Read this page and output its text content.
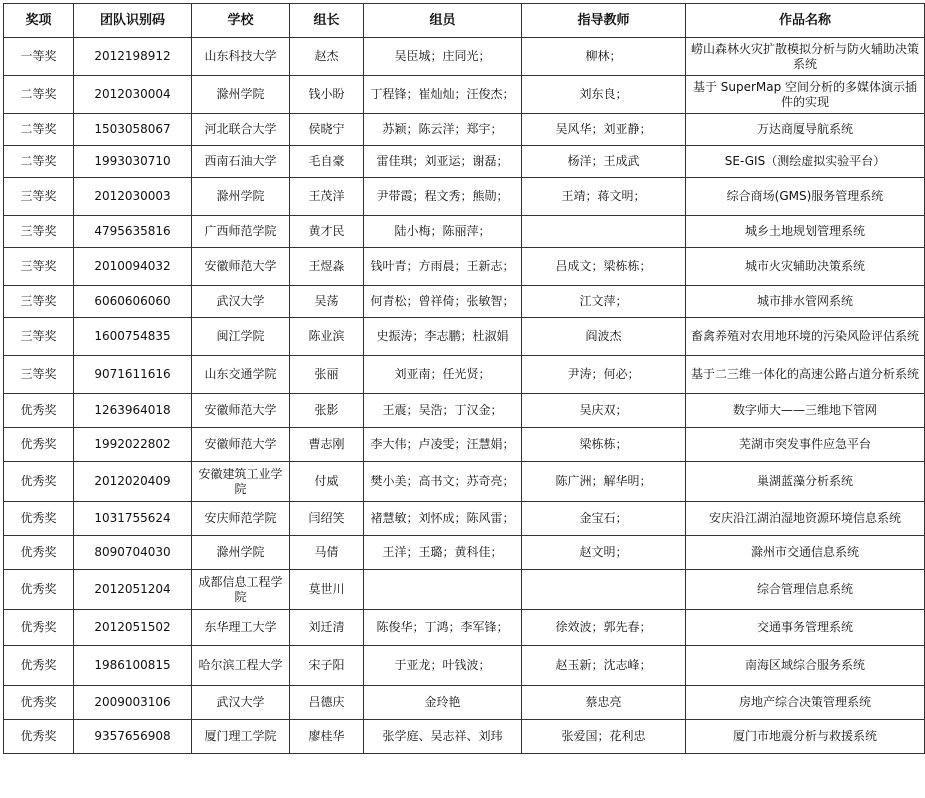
奖项	团队识别码	学校	组长	组员	指导教师	作品名称
一等奖	2012198912	山东科技大学	赵杰	吴臣城；庄同光；	柳林；	崂山森林火灾扩散模拟分析与防火辅助决策系统
二等奖	2012030004	滁州学院	钱小盼	丁程锋；崔灿灿；汪俊杰；	刘东良；	基于 SuperMap 空间分析的多媒体演示插件的实现
二等奖	1503058067	河北联合大学	侯晓宁	苏颖；陈云洋；郑宇；	吴风华；刘亚静；	万达商厦导航系统
二等奖	1993030710	西南石油大学	毛自豪	雷佳琪；刘亚运；谢磊；	杨洋；王成武	SE-GIS（测绘虚拟实验平台）
三等奖	2012030003	滁州学院	王茂洋	尹带霞；程文秀；熊勋；	王靖；蒋文明；	综合商场(GMS)服务管理系统
三等奖	4795635816	广西师范学院	黄才民	陆小梅；陈丽萍；		城乡土地规划管理系统
三等奖	2010094032	安徽师范大学	王煜淼	钱叶青；方雨晨；王新志；	吕成文；梁栋栋；	城市火灾辅助决策系统
三等奖	6060606060	武汉大学	吴荡	何青松；曾祥倚；张敏智；	江文萍；	城市排水管网系统
三等奖	1600754835	闽江学院	陈业滨	史振涛；李志鹏；杜淑娟	阎波杰	畜禽养殖对农用地环境的污染风险评估系统
三等奖	9071611616	山东交通学院	张丽	刘亚南；任光贤；	尹涛；何必；	基于二三维一体化的高速公路占道分析系统
优秀奖	1263964018	安徽师范大学	张影	王震；吴浩；丁汉金；	吴庆双；	数字师大——三维地下管网
优秀奖	1992022802	安徽师范大学	曹志刚	李大伟；卢凌雯；汪慧娟；	梁栋栋；	芜湖市突发事件应急平台
优秀奖	2012020409	安徽建筑工业学院	付威	樊小美；高书文；苏奇亮；	陈广洲；解华明；	巢湖蓝藻分析系统
优秀奖	1031755624	安庆师范学院	闫绍笑	褚慧敏；刘怀成；陈风雷；	金宝石；	安庆沿江湖泊湿地资源环境信息系统
优秀奖	8090704030	滁州学院	马倩	王洋；王璐；黄科佳；	赵文明；	滁州市交通信息系统
优秀奖	2012051204	成都信息工程学院	莫世川			综合管理信息系统
优秀奖	2012051502	东华理工大学	刘迁清	陈俊华；丁鸿；李军锋；	徐效波；郭先春；	交通事务管理系统
优秀奖	1986100815	哈尔滨工程大学	宋子阳	于亚龙；叶钱波；	赵玉新；沈志峰；	南海区域综合服务系统
优秀奖	2009003106	武汉大学	吕德庆	金玲艳	蔡忠亮	房地产综合决策管理系统
优秀奖	9357656908	厦门理工学院	廖桂华	张学庭、吴志祥、刘玮	张爱国；花利忠	厦门市地震分析与救援系统
